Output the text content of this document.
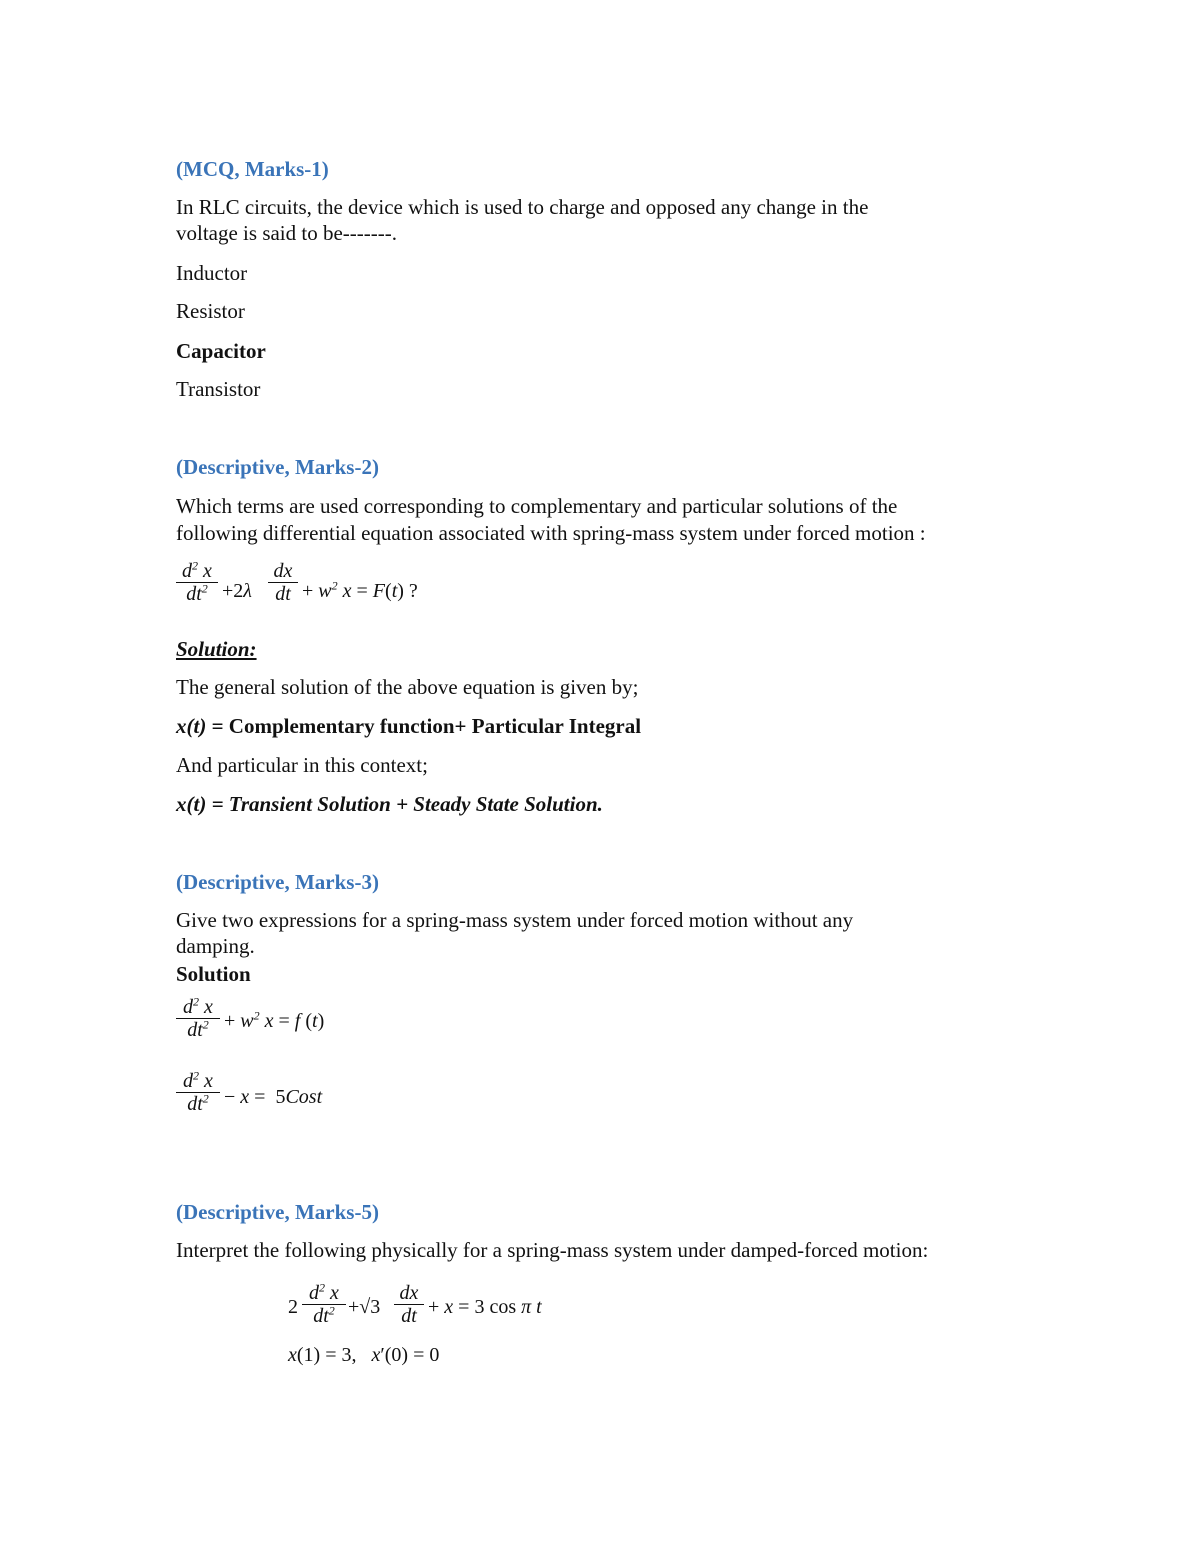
(MCQ, Marks-1)

In RLC circuits, the device which is used to charge and opposed any change in the

voltage is said to be-------.

Inductor

Resistor

Capacitor

Transistor

(Descriptive, Marks-2)

Which terms are used corresponding to complementary and particular solutions of the

following differential equation associated with spring-mass system under forced motion :

$d^2$ x
$dt^2 +2\lambda$
dx
dt + $w^2$ x = F(t) ?

Solution:

The general solution of the above equation is given by;

x(t) = Complementary function+ Particular Integral

And particular in this context;

x(t) = Transient Solution + Steady State Solution.

(Descriptive, Marks-3)

Give two expressions for a spring-mass system under forced motion without any

damping.

Solution

$d^2$ x
$dt^2 + w^2$ x = f (t)
$d^2$ x
$dt^2 - x$ = 5Cost

(Descriptive, Marks-5)

Interpret the following physically for a spring-mass system under damped-forced motion:

2
$d^2$ x
$dt^2 +√3$
dx
dt + x = 3 cos π t
x(1) = 3,   x′(0) = 0
